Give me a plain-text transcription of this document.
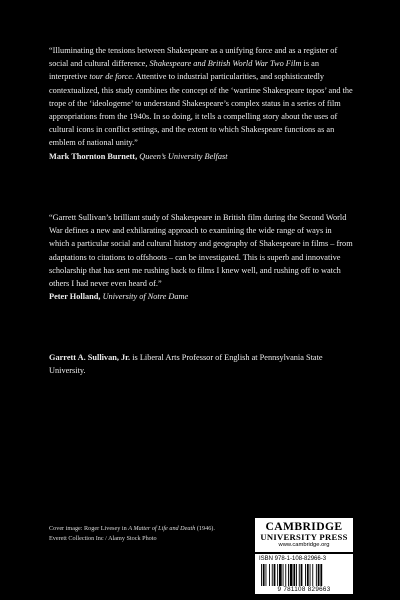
“Illuminating the tensions between Shakespeare as a unifying force and as a register of social and cultural difference, Shakespeare and British World War Two Film is an interpretive tour de force. Attentive to industrial particularities, and sophisticatedly contextualized, this study combines the concept of the ‘wartime Shakespeare topos’ and the trope of the ‘ideologeme’ to understand Shakespeare’s complex status in a series of film appropriations from the 1940s. In so doing, it tells a compelling story about the uses of cultural icons in conflict settings, and the extent to which Shakespeare functions as an emblem of national unity.”
Mark Thornton Burnett, Queen’s University Belfast

“Garrett Sullivan’s brilliant study of Shakespeare in British film during the Second World War defines a new and exhilarating approach to examining the wide range of ways in which a particular social and cultural history and geography of Shakespeare in films – from adaptations to citations to offshoots – can be investigated. This is superb and innovative scholarship that has sent me rushing back to films I knew well, and rushing off to watch others I had never even heard of.”
Peter Holland, University of Notre Dame

Garrett A. Sullivan, Jr. is Liberal Arts Professor of English at Pennsylvania State University.

Cover image: Roger Livesey in A Matter of Life and Death (1946). Everett Collection Inc / Alamy Stock Photo
CAMBRIDGE
UNIVERSITY PRESS
www.cambridge.org
ISBN 978-1-108-82966-3
9 781108 829663
